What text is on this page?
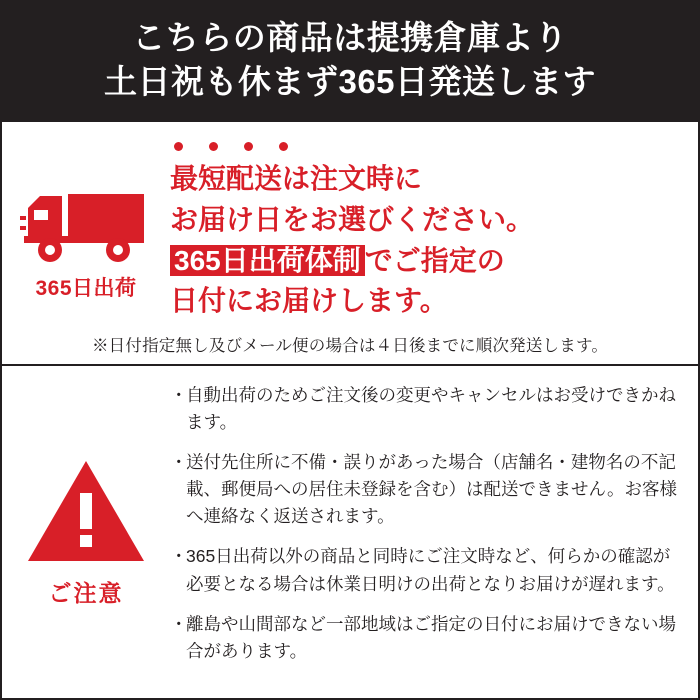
こちらの商品は提携倉庫より
土日祝も休まず365日発送します
365日出荷
最短配送は注文時に
お届け日をお選びください。
365日出荷体制 でご指定の
日付にお届けします。
※日付指定無し及びメール便の場合は４日後までに順次発送します。
ご注意
・
自動出荷のためご注文後の変更やキャンセルはお受けできかねます。
・
送付先住所に不備・誤りがあった場合（店舗名・建物名の不記載、郵便局への居住未登録を含む）は配送できません。お客様へ連絡なく返送されます。
・
365日出荷以外の商品と同時にご注文時など、何らかの確認が必要となる場合は休業日明けの出荷となりお届けが遅れます。
・
離島や山間部など一部地域はご指定の日付にお届けできない場合があります。
